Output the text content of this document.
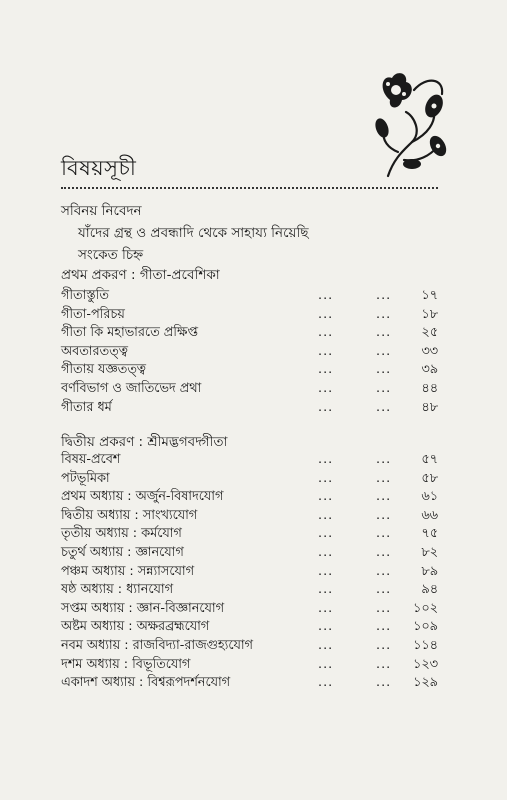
বিষয়সূচী
সবিনয় নিবেদন
যাঁদের গ্রন্থ ও প্রবন্ধাদি থেকে সাহায্য নিয়েছি
সংকেত চিহ্ন
প্রথম প্রকরণ : গীতা-প্রবেশিকা
গীতাস্তুতি	...	... ১৭
গীতা-পরিচয়	...	... ১৮
গীতা কি মহাভারতে প্রক্ষিপ্ত	...	... ২৫
অবতারতত্ত্ব	...	... ৩৩
গীতায় যজ্ঞতত্ত্ব	...	... ৩৯
বর্ণবিভাগ ও জাতিভেদ প্রথা	...	... ৪৪
গীতার ধর্ম	...	... ৪৮
দ্বিতীয় প্রকরণ : শ্রীমদ্ভগবদ্গীতা
বিষয়-প্রবেশ	...	... ৫৭
পটভূমিকা	...	... ৫৮
প্রথম অধ্যায় : অর্জুন-বিষাদযোগ	...	... ৬১
দ্বিতীয় অধ্যায় : সাংখ্যযোগ	...	... ৬৬
তৃতীয় অধ্যায় : কর্মযোগ	...	... ৭৫
চতুর্থ অধ্যায় : জ্ঞানযোগ	...	... ৮২
পঞ্চম অধ্যায় : সন্ন্যাসযোগ	...	... ৮৯
ষষ্ঠ অধ্যায় : ধ্যানযোগ	...	... ৯৪
সপ্তম অধ্যায় : জ্ঞান-বিজ্ঞানযোগ	...	... ১০২
অষ্টম অধ্যায় : অক্ষরব্রহ্মযোগ	...	... ১০৯
নবম অধ্যায় : রাজবিদ্যা-রাজগুহ্যযোগ	...	... ১১৪
দশম অধ্যায় : বিভূতিযোগ	...	... ১২৩
একাদশ অধ্যায় : বিশ্বরূপদর্শনযোগ	...	... ১২৯
